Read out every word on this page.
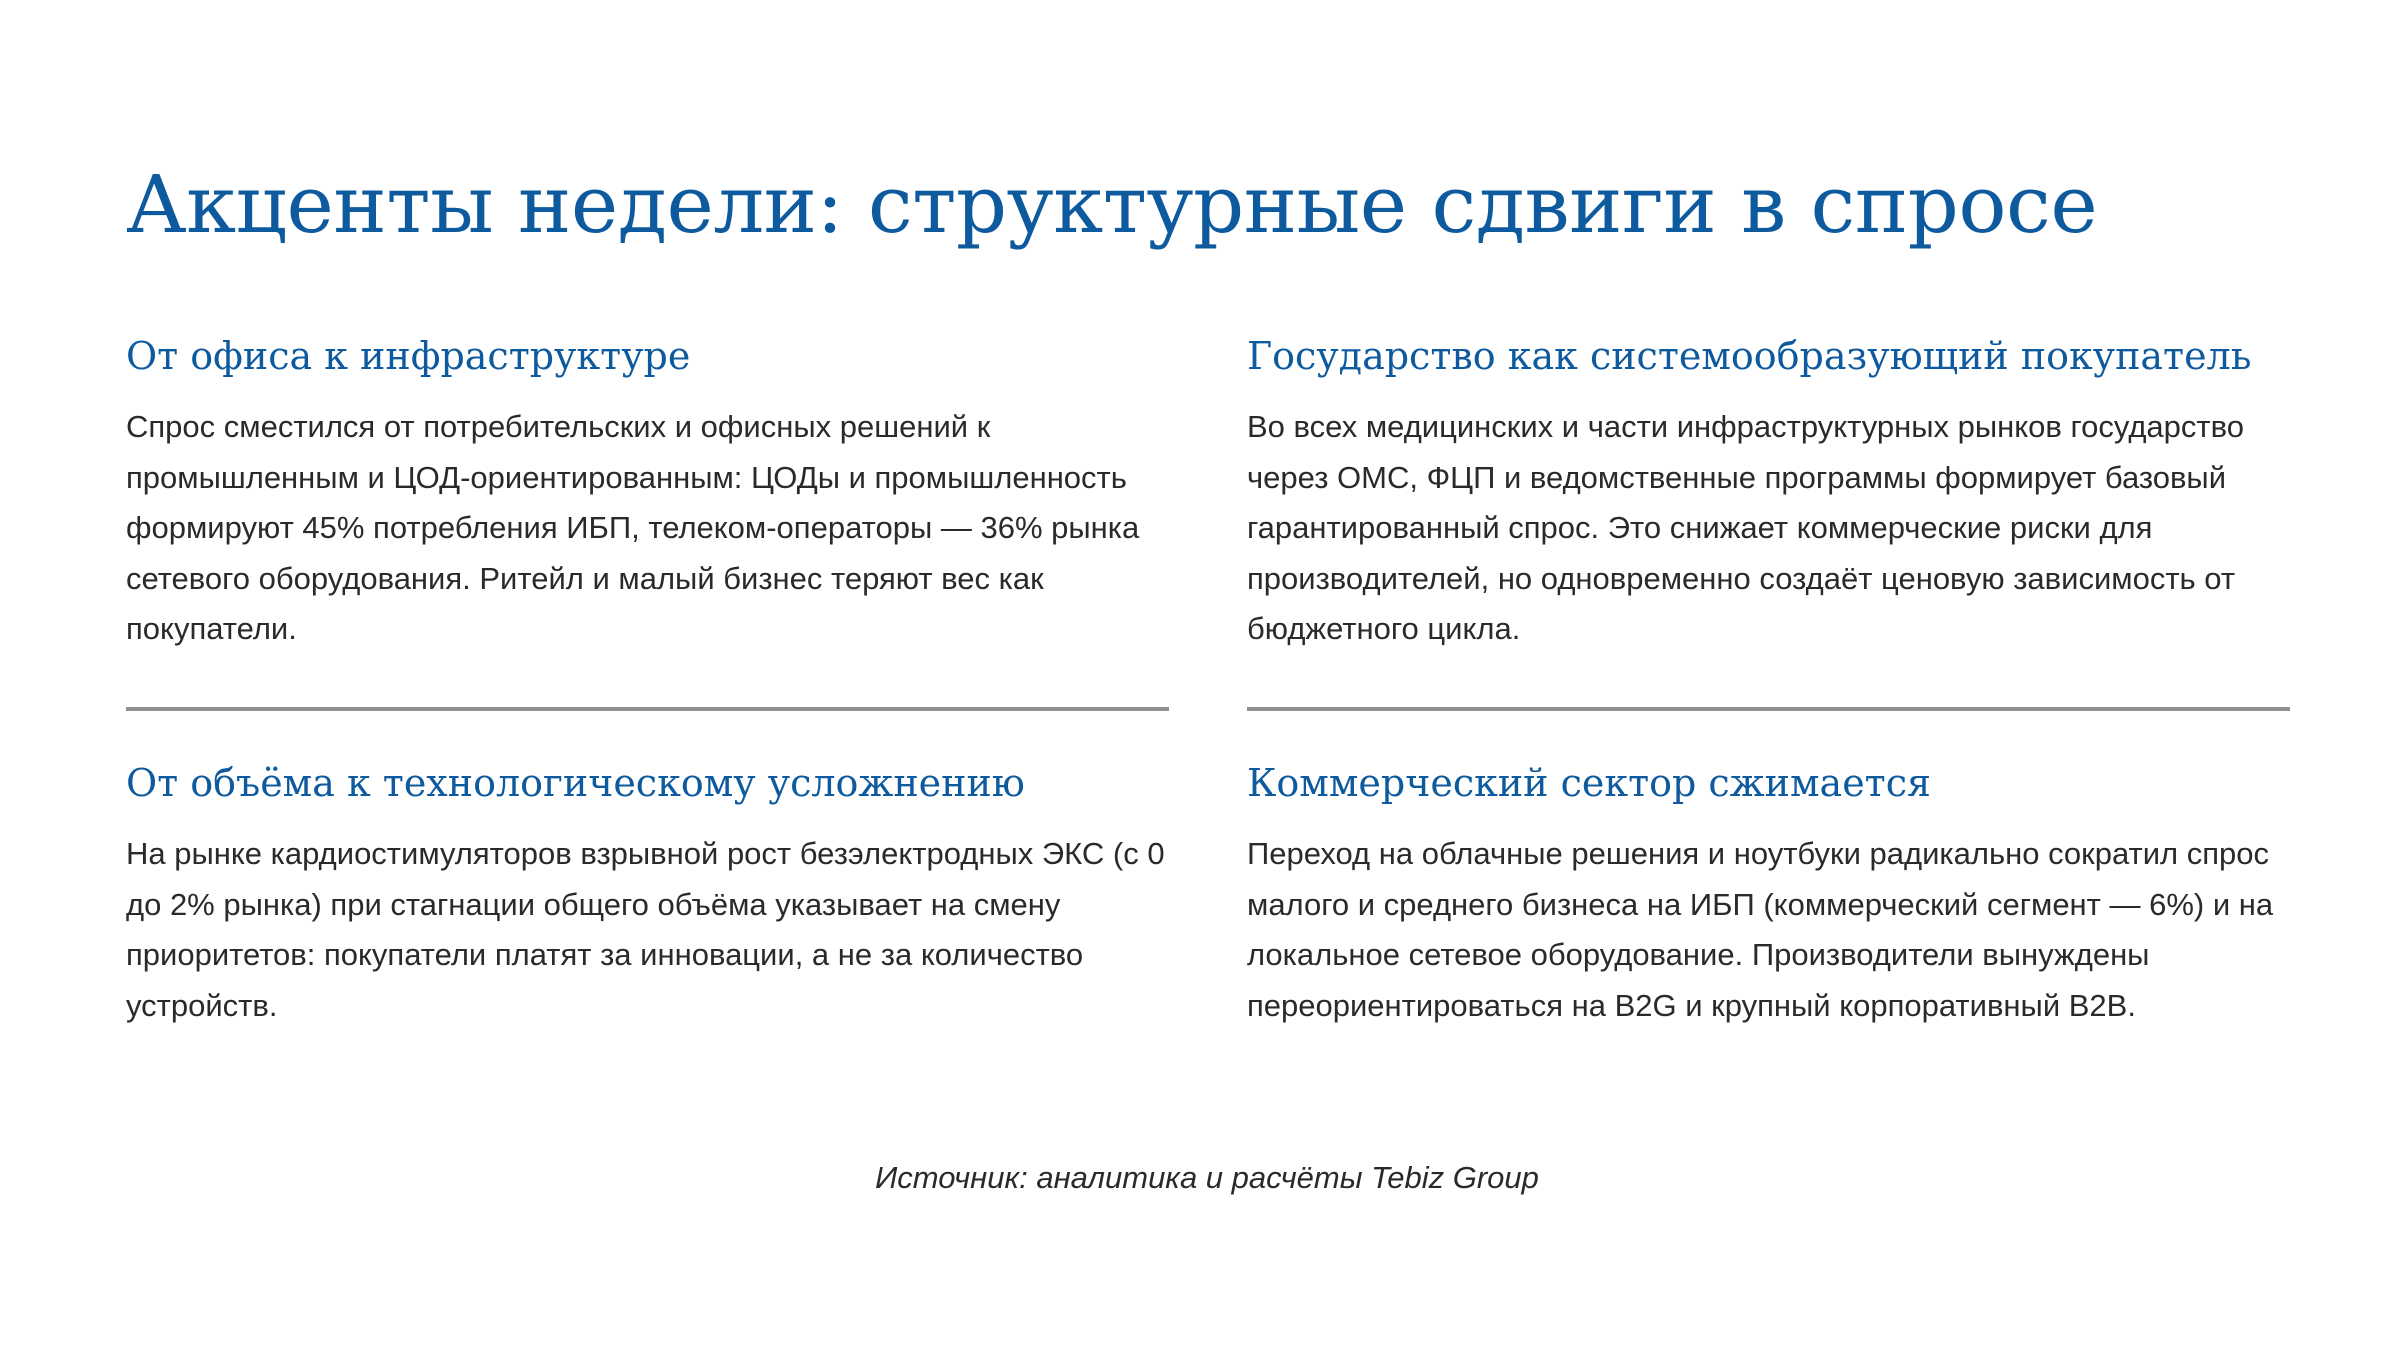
Акценты недели: структурные сдвиги в спросе
От офиса к инфраструктуре

Спрос сместился от потребительских и офисных решений к промышленным и ЦОД-ориентированным: ЦОДы и промышленность формируют 45% потребления ИБП, телеком-операторы — 36% рынка сетевого оборудования. Ритейл и малый бизнес теряют вес как покупатели.

Государство как системообразующий покупатель

Во всех медицинских и части инфраструктурных рынков государство через ОМС, ФЦП и ведомственные программы формирует базовый гарантированный спрос. Это снижает коммерческие риски для производителей, но одновременно создаёт ценовую зависимость от бюджетного цикла.

От объёма к технологическому усложнению

На рынке кардиостимуляторов взрывной рост безэлектродных ЭКС (с 0 до 2% рынка) при стагнации общего объёма указывает на смену приоритетов: покупатели платят за инновации, а не за количество устройств.

Коммерческий сектор сжимается

Переход на облачные решения и ноутбуки радикально сократил спрос малого и среднего бизнеса на ИБП (коммерческий сегмент — 6%) и на локальное сетевое оборудование. Производители вынуждены переориентироваться на B2G и крупный корпоративный B2B.

Источник: аналитика и расчёты Tebiz Group
